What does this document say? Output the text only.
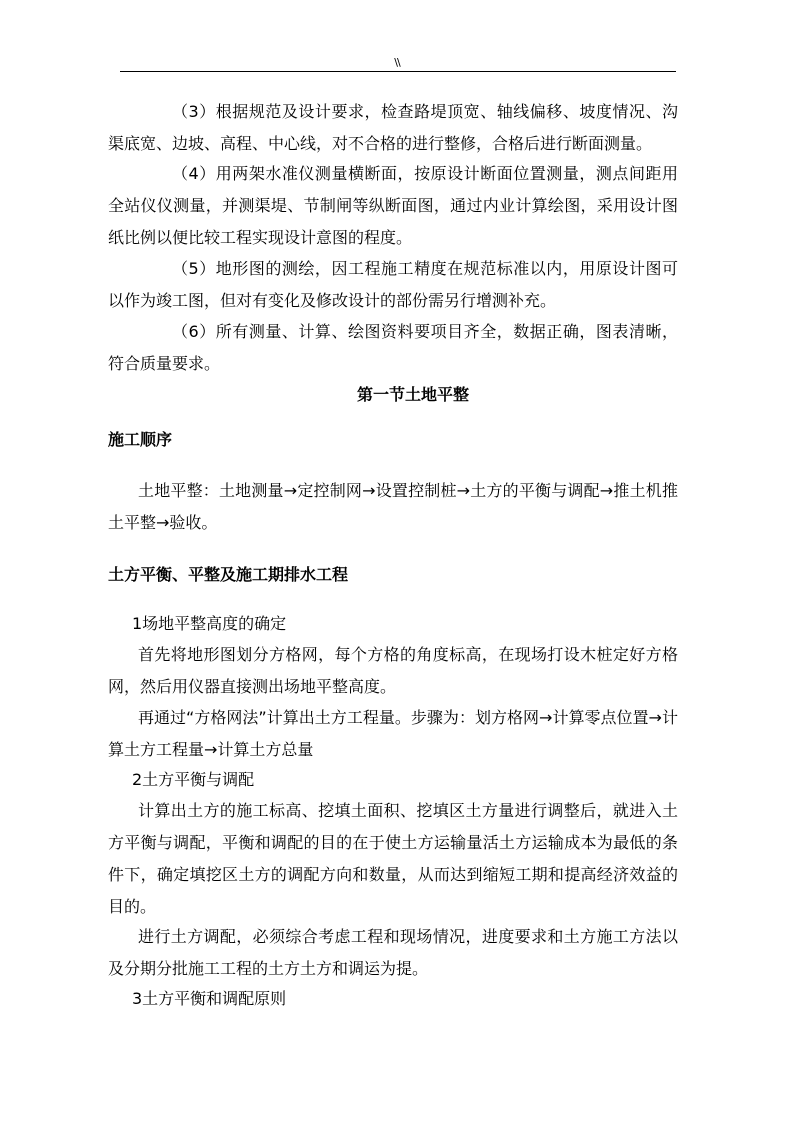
\\

（3）根据规范及设计要求，检查路堤顶宽、轴线偏移、坡度情况、沟渠底宽、边坡、高程、中心线，对不合格的进行整修，合格后进行断面测量。

（4）用两架水准仪测量横断面，按原设计断面位置测量，测点间距用全站仪仪测量，并测渠堤、节制闸等纵断面图，通过内业计算绘图，采用设计图纸比例以便比较工程实现设计意图的程度。

（5）地形图的测绘，因工程施工精度在规范标准以内，用原设计图可以作为竣工图，但对有变化及修改设计的部份需另行增测补充。

（6）所有测量、计算、绘图资料要项目齐全，数据正确，图表清晰，符合质量要求。

第一节土地平整
施工顺序

土地平整：土地测量→定控制网→设置控制桩→土方的平衡与调配→推土机推土平整→验收。

土方平衡、平整及施工期排水工程

1场地平整高度的确定

首先将地形图划分方格网，每个方格的角度标高，在现场打设木桩定好方格网，然后用仪器直接测出场地平整高度。

再通过“方格网法”计算出土方工程量。步骤为：划方格网→计算零点位置→计算土方工程量→计算土方总量

2土方平衡与调配

计算出土方的施工标高、挖填土面积、挖填区土方量进行调整后，就进入土方平衡与调配，平衡和调配的目的在于使土方运输量活土方运输成本为最低的条件下，确定填挖区土方的调配方向和数量，从而达到缩短工期和提高经济效益的目的。

进行土方调配，必须综合考虑工程和现场情况，进度要求和土方施工方法以及分期分批施工工程的土方土方和调运为提。

3土方平衡和调配原则
